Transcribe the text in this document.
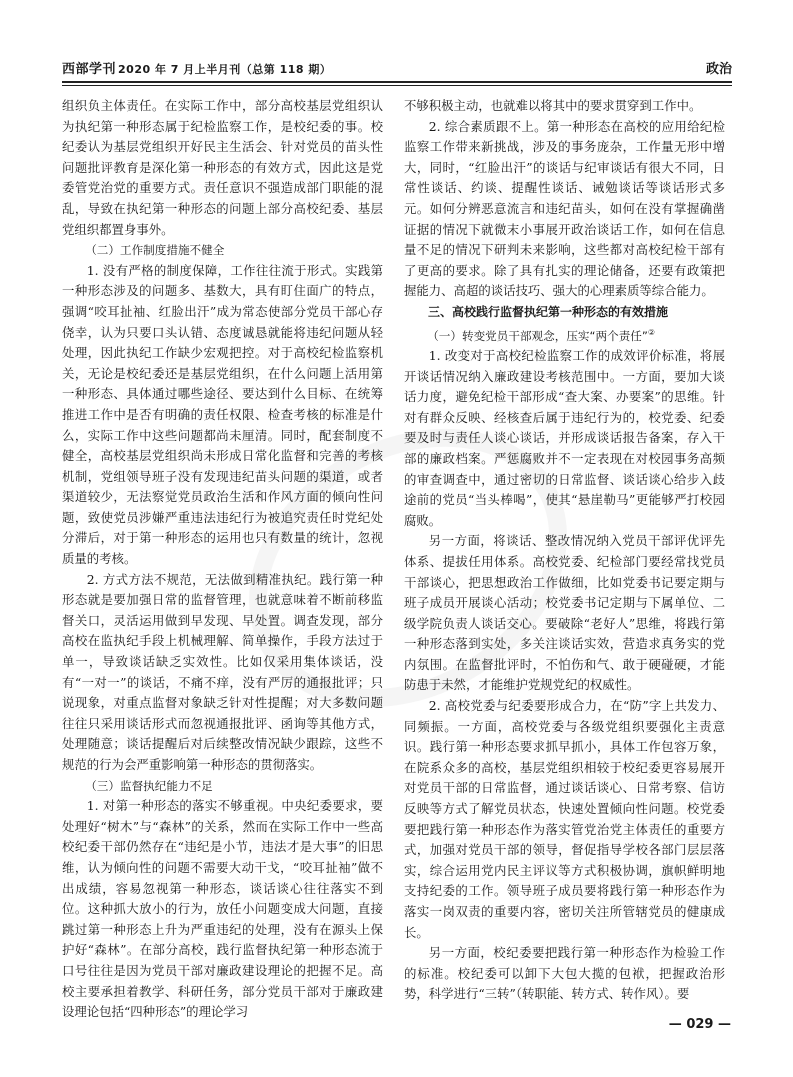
西部学刊 2020 年 7 月上半月刊（总第 118 期）	政治

组织负主体责任。在实际工作中，部分高校基层党组织认为执纪第一种形态属于纪检监察工作，是校纪委的事。校纪委认为基层党组织开好民主生活会、针对党员的苗头性问题批评教育是深化第一种形态的有效方式，因此这是党委管党治党的重要方式。责任意识不强造成部门职能的混乱，导致在执纪第一种形态的问题上部分高校纪委、基层党组织都置身事外。

（二）工作制度措施不健全

1. 没有严格的制度保障，工作往往流于形式。实践第一种形态涉及的问题多、基数大，具有盯住面广的特点，强调“咬耳扯袖、红脸出汗”成为常态使部分党员干部心存侥幸，认为只要口头认错、态度诚恳就能将违纪问题从轻处理，因此执纪工作缺少宏观把控。对于高校纪检监察机关，无论是校纪委还是基层党组织，在什么问题上活用第一种形态、具体通过哪些途径、要达到什么目标、在统筹推进工作中是否有明确的责任权限、检查考核的标准是什么，实际工作中这些问题都尚未厘清。同时，配套制度不健全，高校基层党组织尚未形成日常化监督和完善的考核机制，党组领导班子没有发现违纪苗头问题的渠道，或者渠道较少，无法察觉党员政治生活和作风方面的倾向性问题，致使党员涉嫌严重违法违纪行为被追究责任时党纪处分滞后，对于第一种形态的运用也只有数量的统计，忽视质量的考核。

2. 方式方法不规范，无法做到精准执纪。践行第一种形态就是要加强日常的监督管理，也就意味着不断前移监督关口，灵活运用做到早发现、早处置。调查发现，部分高校在监执纪手段上机械理解、简单操作，手段方法过于单一，导致谈话缺乏实效性。比如仅采用集体谈话，没有“一对一”的谈话，不痛不痒，没有严厉的通报批评；只说现象，对重点监督对象缺乏针对性提醒；对大多数问题往往只采用谈话形式而忽视通报批评、函询等其他方式，处理随意；谈话提醒后对后续整改情况缺少跟踪，这些不规范的行为会严重影响第一种形态的贯彻落实。

（三）监督执纪能力不足

1. 对第一种形态的落实不够重视。中央纪委要求，要处理好“树木”与“森林”的关系，然而在实际工作中一些高校纪委干部仍然存在“违纪是小节，违法才是大事”的旧思维，认为倾向性的问题不需要大动干戈，“咬耳扯袖”做不出成绩，容易忽视第一种形态，谈话谈心往往落实不到位。这种抓大放小的行为，放任小问题变成大问题，直接跳过第一种形态上升为严重违纪的处理，没有在源头上保护好“森林”。在部分高校，践行监督执纪第一种形态流于口号往往是因为党员干部对廉政建设理论的把握不足。高校主要承担着教学、科研任务，部分党员干部对于廉政建设理论包括“四种形态”的理论学习

不够积极主动，也就难以将其中的要求贯穿到工作中。

2. 综合素质跟不上。第一种形态在高校的应用给纪检监察工作带来新挑战，涉及的事务庞杂，工作量无形中增大，同时，“红脸出汗”的谈话与纪审谈话有很大不同，日常性谈话、约谈、提醒性谈话、诫勉谈话等谈话形式多元。如何分辨恶意流言和违纪苗头，如何在没有掌握确凿证据的情况下就微末小事展开政治谈话工作，如何在信息量不足的情况下研判未来影响，这些都对高校纪检干部有了更高的要求。除了具有扎实的理论储备，还要有政策把握能力、高超的谈话技巧、强大的心理素质等综合能力。

三、高校践行监督执纪第一种形态的有效措施

（一）转变党员干部观念，压实“两个责任”②

1. 改变对于高校纪检监察工作的成效评价标准，将展开谈话情况纳入廉政建设考核范围中。一方面，要加大谈话力度，避免纪检干部形成“查大案、办要案”的思维。针对有群众反映、经核查后属于违纪行为的，校党委、纪委要及时与责任人谈心谈话，并形成谈话报告备案，存入干部的廉政档案。严惩腐败并不一定表现在对校园事务高频的审查调查中，通过密切的日常监督、谈话谈心给步入歧途前的党员“当头棒喝”，使其“悬崖勒马”更能够严打校园腐败。

另一方面，将谈话、整改情况纳入党员干部评优评先体系、提拔任用体系。高校党委、纪检部门要经常找党员干部谈心，把思想政治工作做细，比如党委书记要定期与班子成员开展谈心活动；校党委书记定期与下属单位、二级学院负责人谈话交心。要破除“老好人”思维，将践行第一种形态落到实处，多关注谈话实效，营造求真务实的党内氛围。在监督批评时，不怕伤和气、敢于硬碰硬，才能防患于未然，才能维护党规党纪的权威性。

2. 高校党委与纪委要形成合力，在“防”字上共发力、同频振。一方面，高校党委与各级党组织要强化主责意识。践行第一种形态要求抓早抓小，具体工作包容万象，在院系众多的高校，基层党组织相较于校纪委更容易展开对党员干部的日常监督，通过谈话谈心、日常考察、信访反映等方式了解党员状态，快速处置倾向性问题。校党委要把践行第一种形态作为落实管党治党主体责任的重要方式，加强对党员干部的领导，督促指导学校各部门层层落实，综合运用党内民主评议等方式积极协调，旗帜鲜明地支持纪委的工作。领导班子成员要将践行第一种形态作为落实一岗双责的重要内容，密切关注所管辖党员的健康成长。

另一方面，校纪委要把践行第一种形态作为检验工作的标准。校纪委可以卸下大包大揽的包袱，把握政治形势，科学进行“三转”（转职能、转方式、转作风）。要

— 029 —
